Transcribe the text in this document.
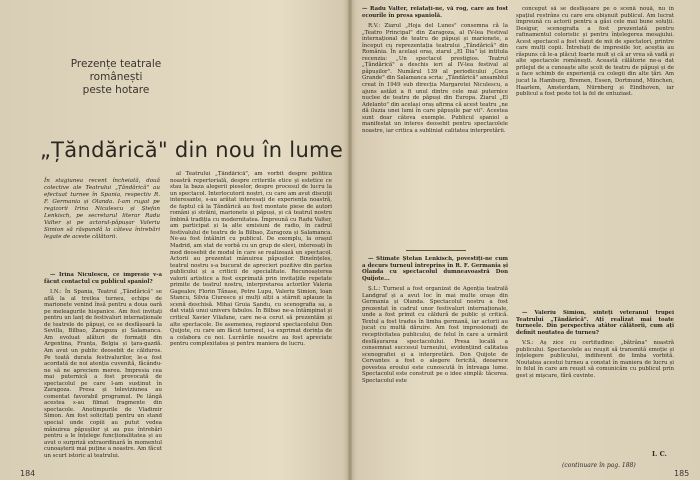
Prezențe teatrale
românești
peste hotare
„Țăndărică" din nou în lume
În stagiunea recent încheiată, două colective ale Teatrului „Țăndărică" au efectuat turnee în Spania, respectiv R. F. Germania și Olanda. I-am rugat pe regizorii Irina Niculescu și Ștefan Lenkisch, pe secretarul literar Radu Valter și pe actorul-păpușar Valeriu Simion să răspundă la câteva întrebări legate de aceste călătorii.

— Irina Niculescu, ce impresie v-a făcut contactul cu publicul spaniol?

I.N.: În Spania, Teatrul „Țăndărică" se află la al treilea turneu, echipe de marionete venind însă pentru a doua oară pe meleagurile hispanice. Am fost invitați pentru un lanț de festivaluri internaționale de teatrele de păpuși, ce se desfășoară la Sevilla, Bilbao, Zaragoza și Salamanca. Am evoluat alături de formații din Argentina, Franța, Belgia și țara-gazdă. Am avut un public deosebit de călduros. Pe toată durata festivalurilor, le-a fost acordată de noi atenția cuvenită, făcându-ne să ne apreciem mereu. Impresia cea mai puternică a fost provocată de spectacolul pe care l-am susținut în Zaragoza. Presa și televiziunea au comentat favorabil programul. Pe lângă acestea s-au filmat fragmente din spectacole. Anotimpurile de Vladimir Simon. Am fost solicitați pentru un stand special unde copiii au putut vedea mânuirea păpușilor și au pus întrebări pentru a le înțelege funcționalitatea și au avut o surpriză extraordinară în momentul cunoașterii mai puține a noastre. Am făcut un scurt istoric al teatrului.

al Teatrului „Țăndărică", am vorbit despre politica noastră repertorială, despre criteriile etice și estetice ce stau la baza alegerii pieselor, despre procesul de lucru la un spectacol. Interlocutorii noștri, cu care am avut discuții interesante, s-au arătat interesați de experiența noastră, de faptul că la Țăndărică au fost montate piese de autori români și străini, marionete și păpuși, și că teatrul nostru îmbină tradiția cu modernitatea. Împreună cu Radu Valter, am participat și la alte emisiuni de radio, în cadrul festivalului de teatru de la Bilbao, Zaragoza și Salamanca. Ne-au fost întâlniri cu publicul. De exemplu, la orașul Madrid, am stat de vorbă cu un grup de elevi, interesați în mod deosebit de modul în care se realizează un spectacol. Actorii au prezentat mânuirea păpușilor. Bineînțeles, teatrul nostru s-a bucurat de aprecieri pozitive din partea publicului și a criticii de specialitate. Recunoașterea valorii artistice a fost exprimată prin invitațiile repetate primite de teatrul nostru, interpretarea actorilor Valeria Gagealov, Florin Tănase, Petre Lupu, Valeriu Simion, Ioan Stancu, Silvia Ciurescu și mulți alții a stârnit aplauze la scenă deschisă. Mihai Gruia Sandu, cu scenografia sa, a dat viață unui univers fabulos. În Bilbao ne-a întâmpinat și criticul Xavier Vilafane, care ne-a cerut să prezentăm și alte spectacole. De asemenea, regizorul spectacolului Don Quijote, cu care am făcut turneul, i-a exprimat dorința de a colabora cu noi. Lucrările noastre au fost apreciate pentru complexitatea și pentru maniera de lucru.

184

— Radu Valter, relatați-ne, vă rog, care au fost ecourile în presa spaniolă.

R.V.: Ziarul „Hoja del Lunes" consemna că la „Teatro Principal" din Zaragoza, al IV-lea Festival internațional de teatru de păpuși și marionete, a început cu reprezentația teatrului „Țăndărică" din România. În același oraș, ziarul „El Dia" își intitula recenzia: „Un spectacol prestigios. Teatrul „Țăndărică" a deschis ieri al IV-lea festival al păpușilor". Numărul 139 al periodicului „Coca Grande" din Salamanca scria: „Țăndărică" ansamblul creat în 1949 sub direcția Margaretei Niculescu, a ajuns astăzi a fi unul dintre cele mai puternice nuclee de teatru de păpuși din Europa. Ziarul „El Adelanto" din același oraș afirma că acest teatru „ne dă iluzia unei lumi în care păpușile par vii". Acestea sunt doar câteva exemple. Publicul spaniol a manifestat un interes deosebit pentru spectacolele noastre, iar critica a subliniat calitatea interpretării.

— Stimate Ștefan Lenkisch, povestiți-ne cum a decurs turneul întreprins în R. F. Germania și Olanda cu spectacolul dumneavoastră Don Quijote...

Ș.L.: Turneul a fost organizat de Agenția teatrală Landgraf și a avut loc în mai multe orașe din Germania și Olanda. Spectacolul nostru a fost prezentat în cadrul unor festivaluri internaționale, unde a fost primit cu căldură de public și critică. Textul a fost tradus în limba germană, iar actorii au jucat cu multă dăruire. Am fost impresionați de receptivitatea publicului, de felul în care a urmărit desfășurarea spectacolului. Presa locală a consemnat succesul turneului, evidențiind calitatea scenografiei și a interpretării. Don Quijote de Cervantes a fost o alegere fericită, deoarece povestea eroului este cunoscută în întreaga lume. Spectacolul este construit pe o idee simplă: tăcerea. Spectacolul este

conceput să se desfășoare pe o scenă nouă, nu în spațiul restrâns cu care era obișnuit publicul. Am lucrat împreună cu actorii pentru a găsi cele mai bune soluții. Desigur, scenografia a fost prezentată pentru rafinamentul coloristic și pentru înțelegerea mesajului. Acest spectacol a fost văzut de mii de spectatori, printre care mulți copii. Întrebați de impresiile lor, aceștia au răspuns că le-a plăcut foarte mult și că ar vrea să vadă și alte spectacole românești. Această călătorie ne-a dat prilejul de a cunoaște alte școli de teatru de păpuși și de a face schimb de experiență cu colegii din alte țări. Am jucat la Hamburg, Bremen, Essen, Dortmund, München, Haarlem, Amsterdam, Nürnberg și Eindhoven, iar publicul a fost peste tot la fel de entuziast.

— Valeriu Simion, sinteți veteranul trupei Teatrului „Țăndărică". Ați realizat mai toate turneele. Din perspectiva atâtor călătorii, cum ați definit noutatea de turneu?

V.S.: Aș zice cu certitudine: „bătrâna" noastră publicului. Spectacolele au reușit să transmită emoție și înțelegere publicului, indiferent de limba vorbită. Noutatea acestui turneu a constat în maniera de lucru și în felul în care am reușit să comunicăm cu publicul prin gest și mișcare, fără cuvinte.

(continuare în pag. 188)
I. C.
185
